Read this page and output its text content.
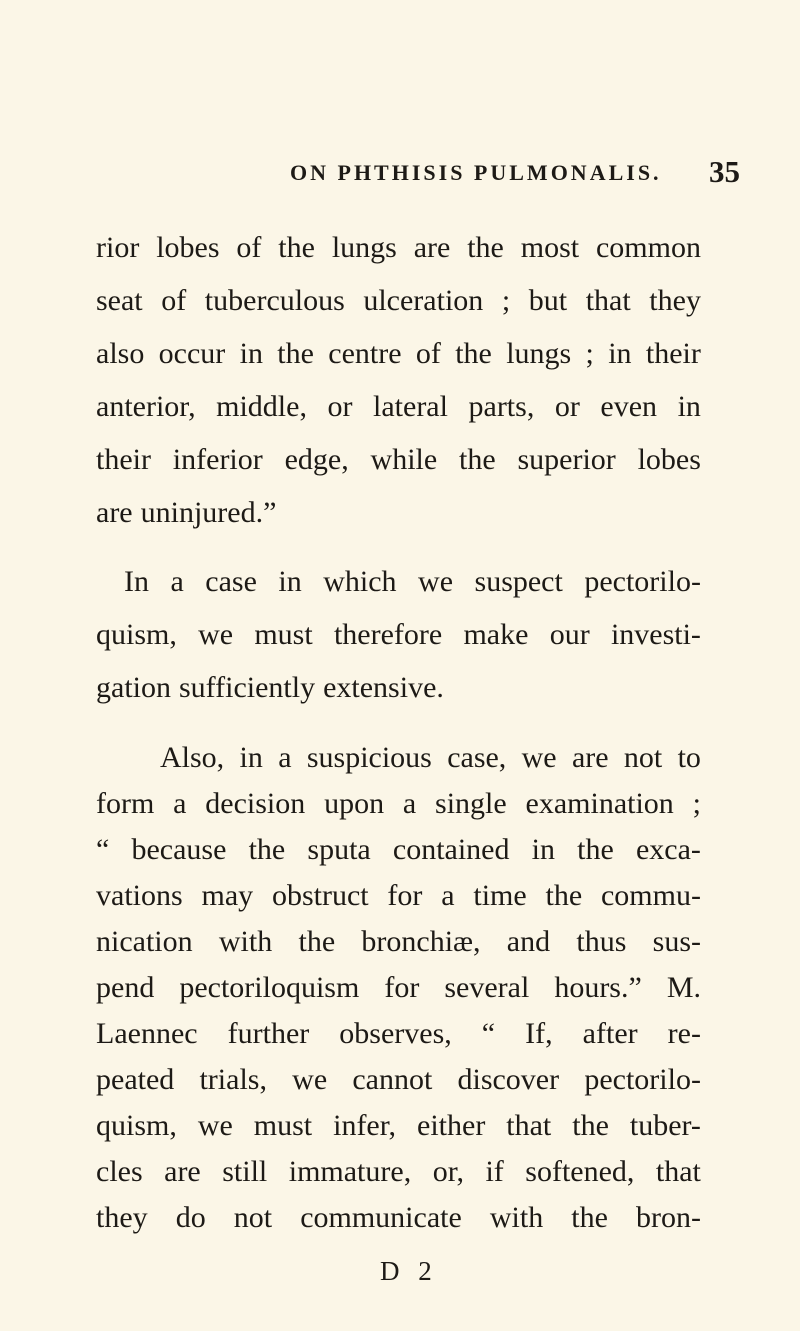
ON PHTHISIS PULMONALIS. 35
rior lobes of the lungs are the most common
seat of tuberculous ulceration ; but that they
also occur in the centre of the lungs ; in their
anterior, middle, or lateral parts, or even in
their inferior edge, while the superior lobes
are uninjured.”
In a case in which we suspect pectorilo-
quism, we must therefore make our investi-
gation sufficiently extensive.
Also, in a suspicious case, we are not to
form a decision upon a single examination ;
“ because the sputa contained in the exca-
vations may obstruct for a time the commu-
nication with the bronchiæ, and thus sus-
pend pectoriloquism for several hours.” M.
Laennec further observes, “ If, after re-
peated trials, we cannot discover pectorilo-
quism, we must infer, either that the tuber-
cles are still immature, or, if softened, that
they do not communicate with the bron-
D 2
